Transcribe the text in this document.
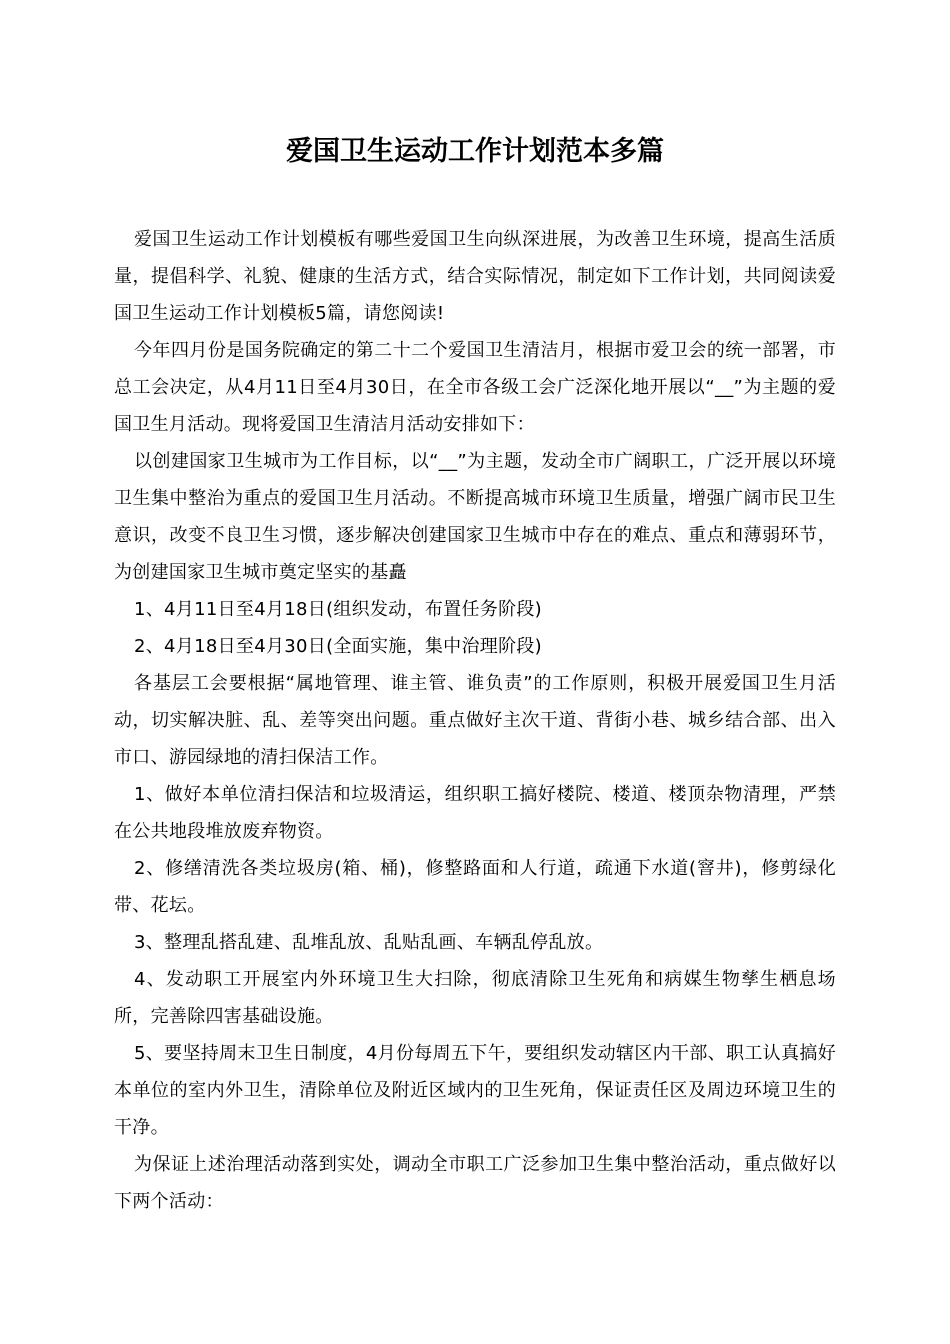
爱国卫生运动工作计划范本多篇

爱国卫生运动工作计划模板有哪些爱国卫生向纵深进展，为改善卫生环境，提高生活质量，提倡科学、礼貌、健康的生活方式，结合实际情况，制定如下工作计划，共同阅读爱国卫生运动工作计划模板5篇，请您阅读!

今年四月份是国务院确定的第二十二个爱国卫生清洁月，根据市爱卫会的统一部署，市总工会决定，从4月11日至4月30日，在全市各级工会广泛深化地开展以“__”为主题的爱国卫生月活动。现将爱国卫生清洁月活动安排如下：

以创建国家卫生城市为工作目标，以“__”为主题，发动全市广阔职工，广泛开展以环境卫生集中整治为重点的爱国卫生月活动。不断提高城市环境卫生质量，增强广阔市民卫生意识，改变不良卫生习惯，逐步解决创建国家卫生城市中存在的难点、重点和薄弱环节，为创建国家卫生城市奠定坚实的基矗

1、4月11日至4月18日(组织发动，布置任务阶段)

2、4月18日至4月30日(全面实施，集中治理阶段)

各基层工会要根据“属地管理、谁主管、谁负责”的工作原则，积极开展爱国卫生月活动，切实解决脏、乱、差等突出问题。重点做好主次干道、背街小巷、城乡结合部、出入市口、游园绿地的清扫保洁工作。

1、做好本单位清扫保洁和垃圾清运，组织职工搞好楼院、楼道、楼顶杂物清理，严禁在公共地段堆放废弃物资。

2、修缮清洗各类垃圾房(箱、桶)，修整路面和人行道，疏通下水道(窨井)，修剪绿化带、花坛。

3、整理乱搭乱建、乱堆乱放、乱贴乱画、车辆乱停乱放。

4、发动职工开展室内外环境卫生大扫除，彻底清除卫生死角和病媒生物孳生栖息场所，完善除四害基础设施。

5、要坚持周末卫生日制度，4月份每周五下午，要组织发动辖区内干部、职工认真搞好本单位的室内外卫生，清除单位及附近区域内的卫生死角，保证责任区及周边环境卫生的干净。

为保证上述治理活动落到实处，调动全市职工广泛参加卫生集中整治活动，重点做好以下两个活动：
